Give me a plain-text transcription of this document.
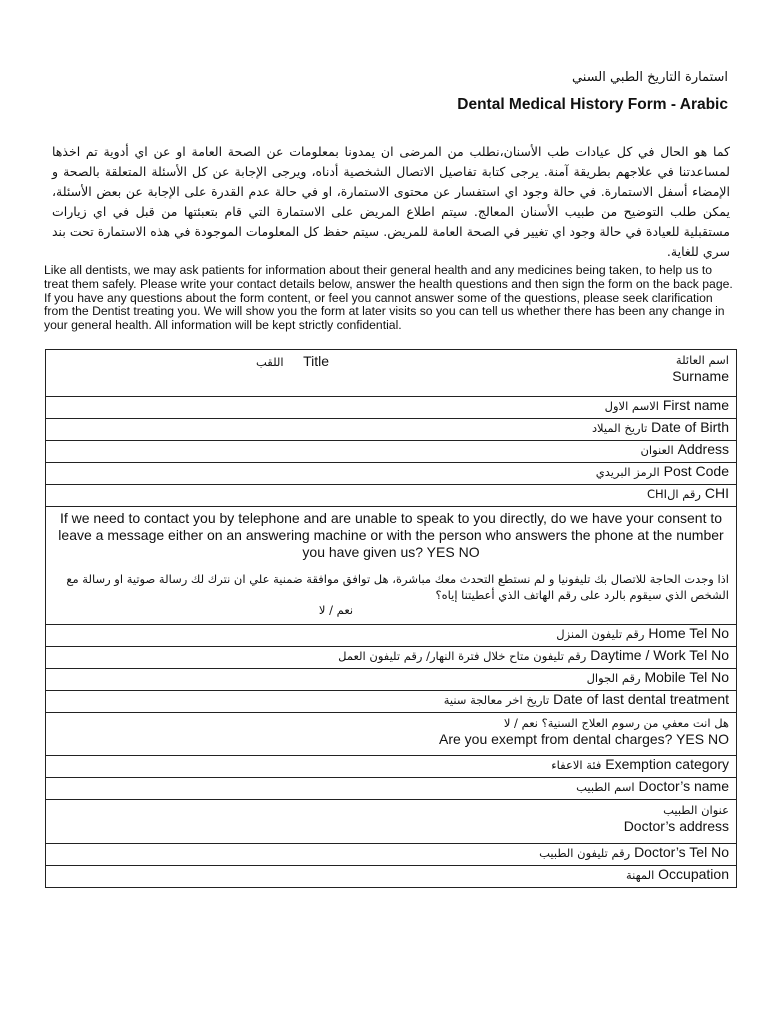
استمارة التاريخ الطبي السني
Dental Medical History Form - Arabic
كما هو الحال في كل عيادات طب الأسنان،نطلب من المرضى ان يمدونا بمعلومات عن الصحة العامة او عن اي أدوية تم اخذها لمساعدتنا في علاجهم بطريقة آمنة. يرجى كتابة تفاصيل الاتصال الشخصية أدناه، ويرجى الإجابة عن كل الأسئلة المتعلقة بالصحة و الإمضاء أسفل الاستمارة. في حالة وجود اي استفسار عن محتوى الاستمارة، او في حالة عدم القدرة على الإجابة عن بعض الأسئلة، يمكن طلب التوضيح من طبيب الأسنان المعالج. سيتم اطلاع المريض على الاستمارة التي قام بتعبئتها من قبل في اي زيارات مستقبلية للعيادة في حالة وجود اي تغيير في الصحة العامة للمريض. سيتم حفظ كل المعلومات الموجودة في هذه الاستمارة تحت بند سري للغاية.
Like all dentists, we may ask patients for information about their general health and any medicines being taken, to help us to treat them safely. Please write your contact details below, answer the health questions and then sign the form on the back page. If you have any questions about the form content, or feel you cannot answer some of the questions, please seek clarification from the Dentist treating you. We will show you the form at later visits so you can tell us whether there has been any change in your general health. All information will be kept strictly confidential.
اللقب Title	اسم العائلة
Surname

الاسم الاول First name
تاريخ الميلاد Date of Birth
العنوان Address
الرمز البريدي Post Code
رقم الCHI CHI

If we need to contact you by telephone and are unable to speak to you directly, do we have your consent to leave a message either on an answering machine or with the person who answers the phone at the number you have given us? YES NO
اذا وجدت الحاجة للاتصال بك تليفونيا و لم نستطع التحدث معك مباشرة، هل توافق موافقة ضمنية علي ان نترك لك رسالة صوتية او رسالة مع الشخص الذي سيقوم بالرد على رقم الهاتف الذي أعطيتنا إياه؟
نعم / لا

رقم تليفون المنزل Home Tel No
رقم تليفون متاح خلال فترة النهار/ رقم تليفون العمل Daytime / Work Tel No
رقم الجوال Mobile Tel No
تاريخ اخر معالجة سنية Date of last dental treatment

هل انت معفي من رسوم العلاج السنية؟ نعم / لا
Are you exempt from dental charges? YES NO

فئة الاعفاء Exemption category
اسم الطبيب Doctor’s name

عنوان الطبيب
Doctor’s address

رقم تليفون الطبيب Doctor’s Tel No
المهنة Occupation
